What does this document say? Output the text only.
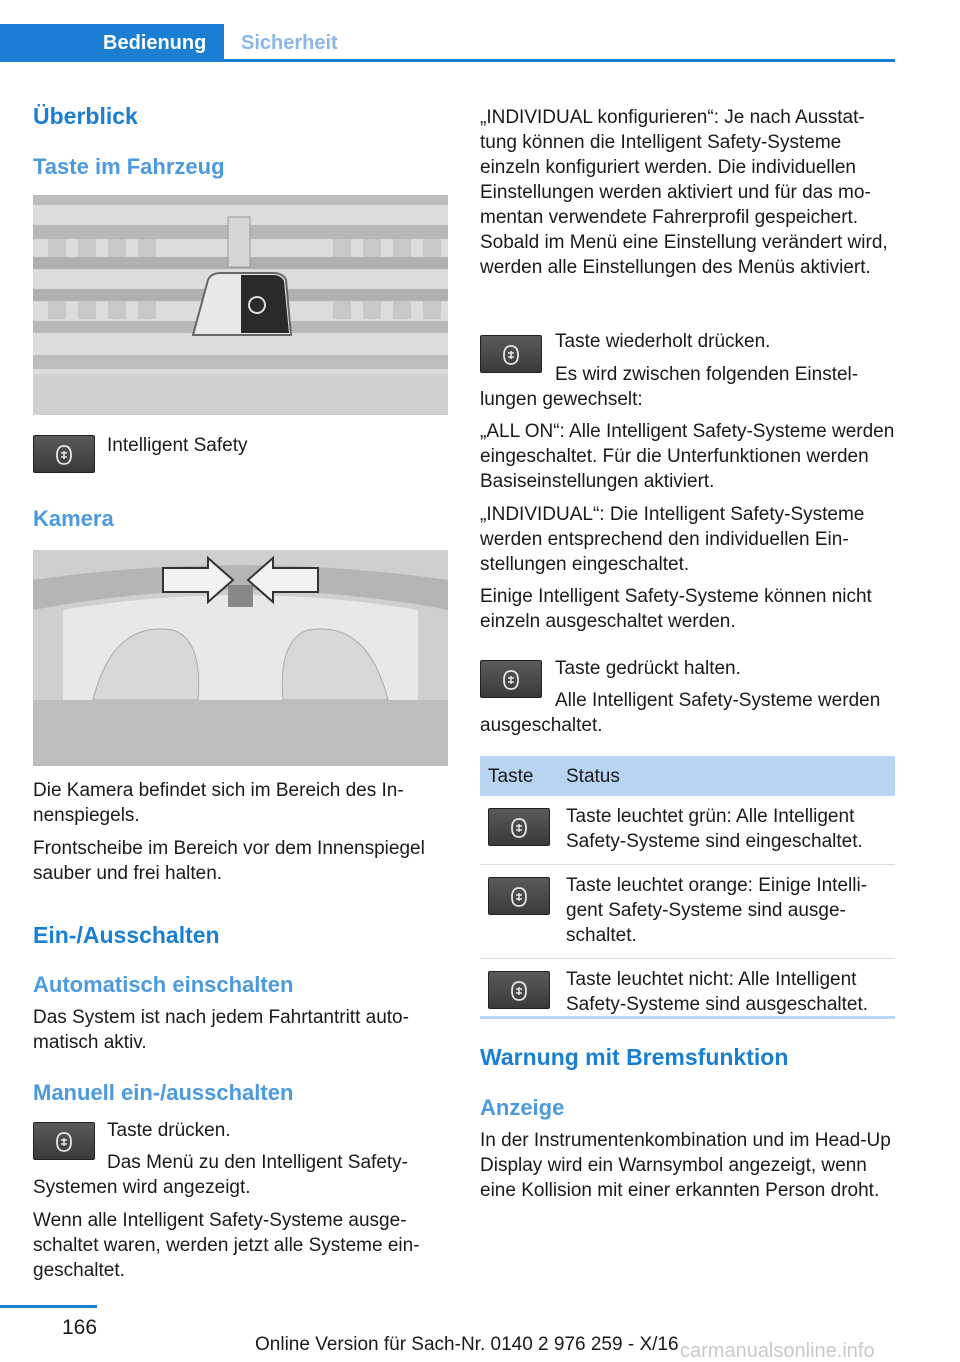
Bedienung	Sicherheit
Überblick
Taste im Fahrzeug
Intelligent Safety
Kamera
Die Kamera befindet sich im Bereich des Innenspiegels.
Frontscheibe im Bereich vor dem Innenspiegel sauber und frei halten.
Ein-/Ausschalten
Automatisch einschalten
Das System ist nach jedem Fahrtantritt automatisch aktiv.
Manuell ein-/ausschalten
Taste drücken.
Das Menü zu den Intelligent Safety-Systemen wird angezeigt.
Wenn alle Intelligent Safety-Systeme ausgeschaltet waren, werden jetzt alle Systeme eingeschaltet.
„INDIVIDUAL konfigurieren“: Je nach Ausstattung können die Intelligent Safety-Systeme einzeln konfiguriert werden. Die individuellen Einstellungen werden aktiviert und für das momentan verwendete Fahrerprofil gespeichert. Sobald im Menü eine Einstellung verändert wird, werden alle Einstellungen des Menüs aktiviert.
Taste wiederholt drücken.
Es wird zwischen folgenden Einstellungen gewechselt:
„ALL ON“: Alle Intelligent Safety-Systeme werden eingeschaltet. Für die Unterfunktionen werden Basiseinstellungen aktiviert.
„INDIVIDUAL“: Die Intelligent Safety-Systeme werden entsprechend den individuellen Einstellungen eingeschaltet.
Einige Intelligent Safety-Systeme können nicht einzeln ausgeschaltet werden.
Taste gedrückt halten.
Alle Intelligent Safety-Systeme werden ausgeschaltet.
Taste	Status

	Taste leuchtet grün: Alle Intelligent Safety-Systeme sind eingeschaltet.

	Taste leuchtet orange: Einige Intelligent Safety-Systeme sind ausgeschaltet.

	Taste leuchtet nicht: Alle Intelligent Safety-Systeme sind ausgeschaltet.
Warnung mit Bremsfunktion
Anzeige
In der Instrumentenkombination und im Head-Up Display wird ein Warnsymbol angezeigt, wenn eine Kollision mit einer erkannten Person droht.
166
Online Version für Sach-Nr. 0140 2 976 259 - X/16 carmanualsonline.info
